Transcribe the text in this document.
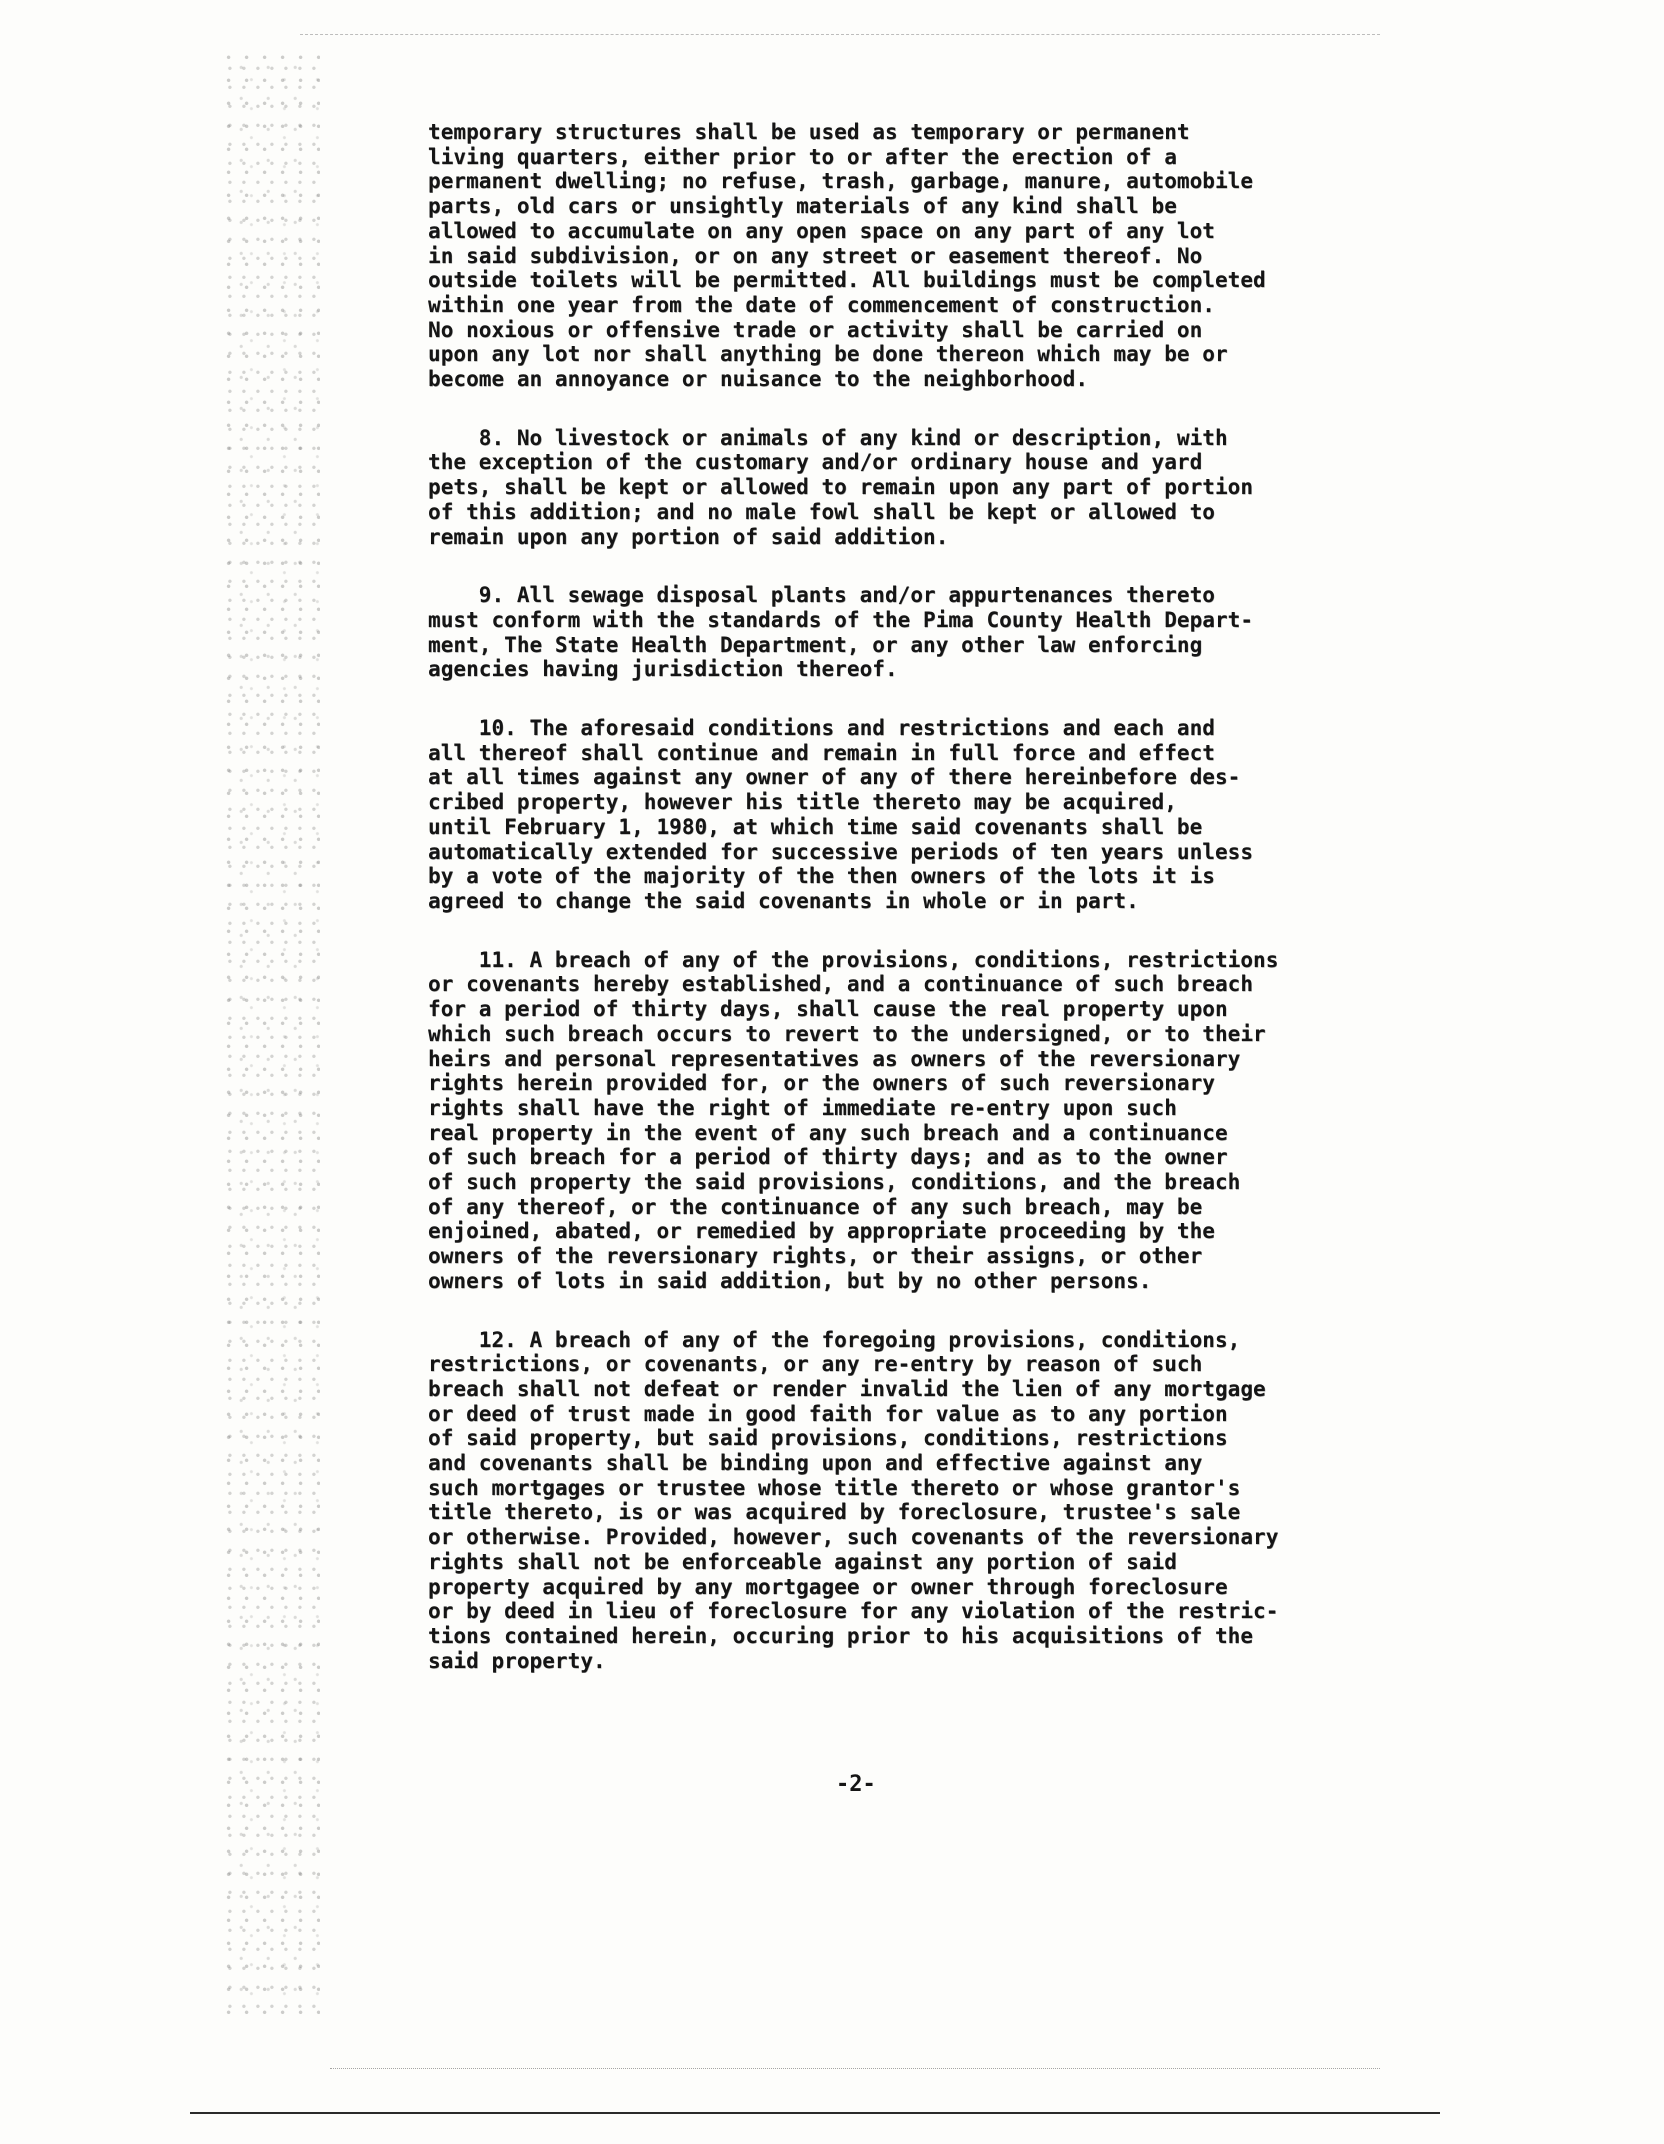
temporary structures shall be used as temporary or permanent
living quarters, either prior to or after the erection of a
permanent dwelling; no refuse, trash, garbage, manure, automobile
parts, old cars or unsightly materials of any kind shall be
allowed to accumulate on any open space on any part of any lot
in said subdivision, or on any street or easement thereof. No
outside toilets will be permitted. All buildings must be completed
within one year from the date of commencement of construction.
No noxious or offensive trade or activity shall be carried on
upon any lot nor shall anything be done thereon which may be or
become an annoyance or nuisance to the neighborhood.
8. No livestock or animals of any kind or description, with
the exception of the customary and/or ordinary house and yard
pets, shall be kept or allowed to remain upon any part of portion
of this addition; and no male fowl shall be kept or allowed to
remain upon any portion of said addition.
9. All sewage disposal plants and/or appurtenances thereto
must conform with the standards of the Pima County Health Depart-
ment, The State Health Department, or any other law enforcing
agencies having jurisdiction thereof.
10. The aforesaid conditions and restrictions and each and
all thereof shall continue and remain in full force and effect
at all times against any owner of any of there hereinbefore des-
cribed property, however his title thereto may be acquired,
until February 1, 1980, at which time said covenants shall be
automatically extended for successive periods of ten years unless
by a vote of the majority of the then owners of the lots it is
agreed to change the said covenants in whole or in part.
11. A breach of any of the provisions, conditions, restrictions
or covenants hereby established, and a continuance of such breach
for a period of thirty days, shall cause the real property upon
which such breach occurs to revert to the undersigned, or to their
heirs and personal representatives as owners of the reversionary
rights herein provided for, or the owners of such reversionary
rights shall have the right of immediate re-entry upon such
real property in the event of any such breach and a continuance
of such breach for a period of thirty days; and as to the owner
of such property the said provisions, conditions, and the breach
of any thereof, or the continuance of any such breach, may be
enjoined, abated, or remedied by appropriate proceeding by the
owners of the reversionary rights, or their assigns, or other
owners of lots in said addition, but by no other persons.
12. A breach of any of the foregoing provisions, conditions,
restrictions, or covenants, or any re-entry by reason of such
breach shall not defeat or render invalid the lien of any mortgage
or deed of trust made in good faith for value as to any portion
of said property, but said provisions, conditions, restrictions
and covenants shall be binding upon and effective against any
such mortgages or trustee whose title thereto or whose grantor's
title thereto, is or was acquired by foreclosure, trustee's sale
or otherwise. Provided, however, such covenants of the reversionary
rights shall not be enforceable against any portion of said
property acquired by any mortgagee or owner through foreclosure
or by deed in lieu of foreclosure for any violation of the restric-
tions contained herein, occuring prior to his acquisitions of the
said property.
-2-
